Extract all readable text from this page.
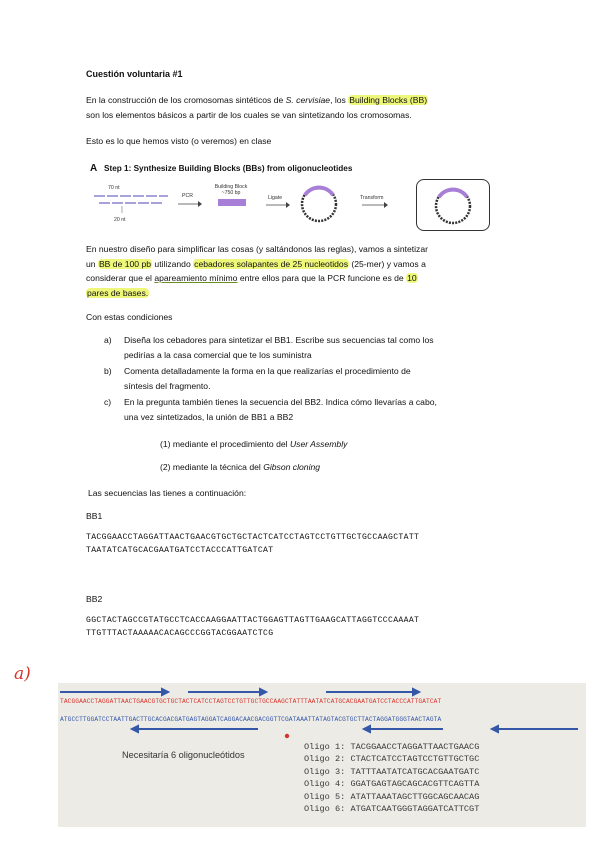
Cuestión voluntaria #1
En la construcción de los cromosomas sintéticos de S. cervisiae, los Building Blocks (BB)
son los elementos básicos a partir de los cuales se van sintetizando los cromosomas.
Esto es lo que hemos visto (o veremos) en clase
A Step 1: Synthesize Building Blocks (BBs) from oligonucleotides
70 nt
20 nt
PCR
Building Block
~750 bp
Ligate	Transform
En nuestro diseño para simplificar las cosas (y saltándonos las reglas), vamos a sintetizar
un BB de 100 pb utilizando cebadores solapantes de 25 nucleotidos (25-mer) y vamos a
considerar que el apareamiento mínimo entre ellos para que la PCR funcione es de 10
pares de bases.
Con estas condiciones
a) Diseña los cebadores para sintetizar el BB1. Escribe sus secuencias tal como los
pedirías a la casa comercial que te los suministra
b) Comenta detalladamente la forma en la que realizarías el procedimiento de
síntesis del fragmento.
c) En la pregunta también tienes la secuencia del BB2. Indica cómo llevarías a cabo,
una vez sintetizados, la unión de BB1 a BB2
(1) mediante el procedimiento del User Assembly
(2) mediante la técnica del Gibson cloning
Las secuencias las tienes a continuación:
BB1
TACGGAACCTAGGATTAACTGAACGTGCTGCTACTCATCCTAGTCCTGTTGCTGCCAAGCTATT
TAATATCATGCACGAATGATCCTACCCATTGATCAT
BB2
GGCTACTAGCCGTATGCCTCACCAAGGAATTACTGGAGTTAGTTGAAGCATTAGGTCCCAAAAT
TTGTTTACTAAAAACACAGCCCGGTACGGAATCTCG
a)
TACGGAACCTAGGATTAACTGAACGTGCTGCTACTCATCCTAGTCCTGTTGCTGCCAAGCTATTTAATATCATGCACGAATGATCCTACCCATTGATCAT
ATGCCTTGGATCCTAATTGACTTGCACGACGATGAGTAGGATCAGGACAACGACGGTTCGATAAATTATAGTACGTGCTTACTAGGATGGGTAACTAGTA
Necesitaría 6 oligonucleótidos
Oligo 1: TACGGAACCTAGGATTAACTGAACG
Oligo 2: CTACTCATCCTAGTCCTGTTGCTGC
Oligo 3: TATTTAATATCATGCACGAATGATC
Oligo 4: GGATGAGTAGCAGCACGTTCAGTTA
Oligo 5: ATATTAAATAGCTTGGCAGCAACAG
Oligo 6: ATGATCAATGGGTAGGATCATTCGT
